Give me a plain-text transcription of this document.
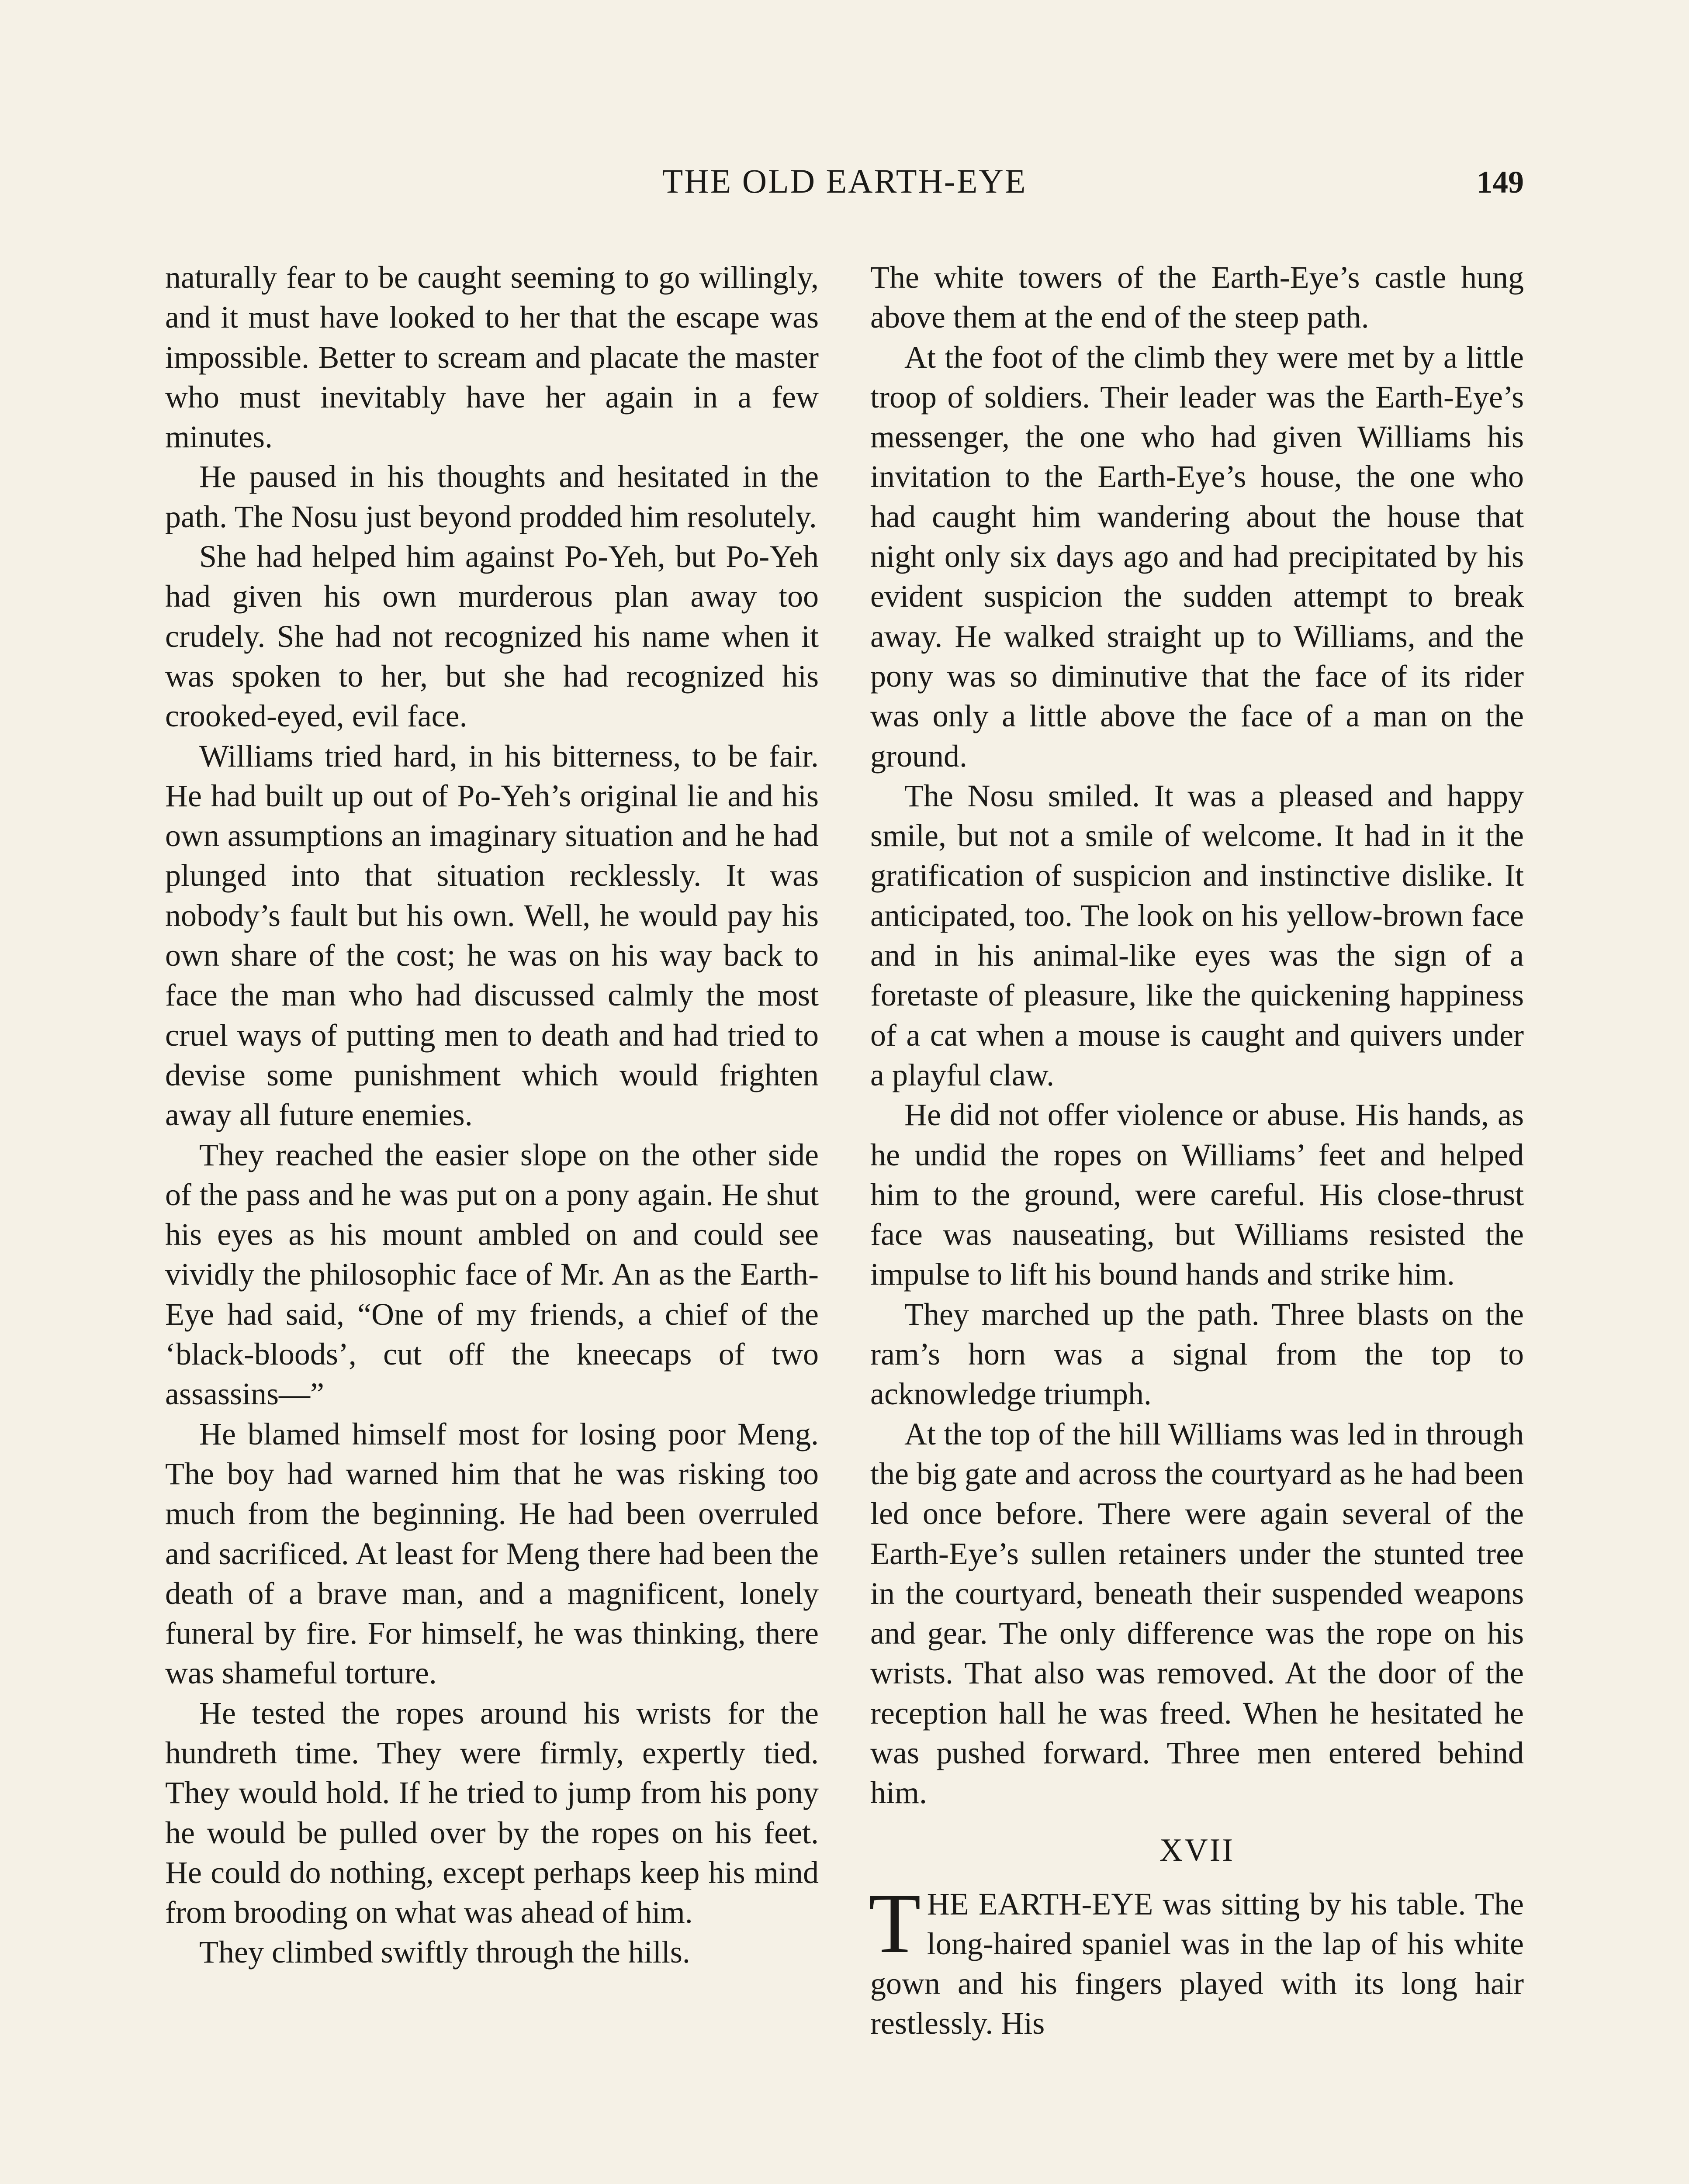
THE OLD EARTH-EYE	149

naturally fear to be caught seeming to go willingly, and it must have looked to her that the escape was impossible. Better to scream and placate the master who must inevitably have her again in a few minutes.

He paused in his thoughts and hesitated in the path. The Nosu just beyond prodded him resolutely.

She had helped him against Po-Yeh, but Po-Yeh had given his own murderous plan away too crudely. She had not recognized his name when it was spoken to her, but she had recognized his crooked-eyed, evil face.

Williams tried hard, in his bitterness, to be fair. He had built up out of Po-Yeh’s original lie and his own assumptions an imaginary situation and he had plunged into that situation recklessly. It was nobody’s fault but his own. Well, he would pay his own share of the cost; he was on his way back to face the man who had discussed calmly the most cruel ways of putting men to death and had tried to devise some punishment which would frighten away all future enemies.

They reached the easier slope on the other side of the pass and he was put on a pony again. He shut his eyes as his mount ambled on and could see vividly the philosophic face of Mr. An as the Earth-Eye had said, “One of my friends, a chief of the ‘black-bloods’, cut off the kneecaps of two assassins—”

He blamed himself most for losing poor Meng. The boy had warned him that he was risking too much from the beginning. He had been overruled and sacrificed. At least for Meng there had been the death of a brave man, and a magnificent, lonely funeral by fire. For himself, he was thinking, there was shameful torture.

He tested the ropes around his wrists for the hundreth time. They were firmly, expertly tied. They would hold. If he tried to jump from his pony he would be pulled over by the ropes on his feet. He could do nothing, except perhaps keep his mind from brooding on what was ahead of him.

They climbed swiftly through the hills.

The white towers of the Earth-Eye’s castle hung above them at the end of the steep path.

At the foot of the climb they were met by a little troop of soldiers. Their leader was the Earth-Eye’s messenger, the one who had given Williams his invitation to the Earth-Eye’s house, the one who had caught him wandering about the house that night only six days ago and had precipitated by his evident suspicion the sudden attempt to break away. He walked straight up to Williams, and the pony was so diminutive that the face of its rider was only a little above the face of a man on the ground.

The Nosu smiled. It was a pleased and happy smile, but not a smile of welcome. It had in it the gratification of suspicion and instinctive dislike. It anticipated, too. The look on his yellow-brown face and in his animal-like eyes was the sign of a foretaste of pleasure, like the quickening happiness of a cat when a mouse is caught and quivers under a playful claw.

He did not offer violence or abuse. His hands, as he undid the ropes on Williams’ feet and helped him to the ground, were careful. His close-thrust face was nauseating, but Williams resisted the impulse to lift his bound hands and strike him.

They marched up the path. Three blasts on the ram’s horn was a signal from the top to acknowledge triumph.

At the top of the hill Williams was led in through the big gate and across the courtyard as he had been led once before. There were again several of the Earth-Eye’s sullen retainers under the stunted tree in the courtyard, beneath their suspended weapons and gear. The only difference was the rope on his wrists. That also was removed. At the door of the reception hall he was freed. When he hesitated he was pushed forward. Three men entered behind him.

XVII

THE EARTH-EYE was sitting by his table. The long-haired spaniel was in the lap of his white gown and his fingers played with its long hair restlessly. His
